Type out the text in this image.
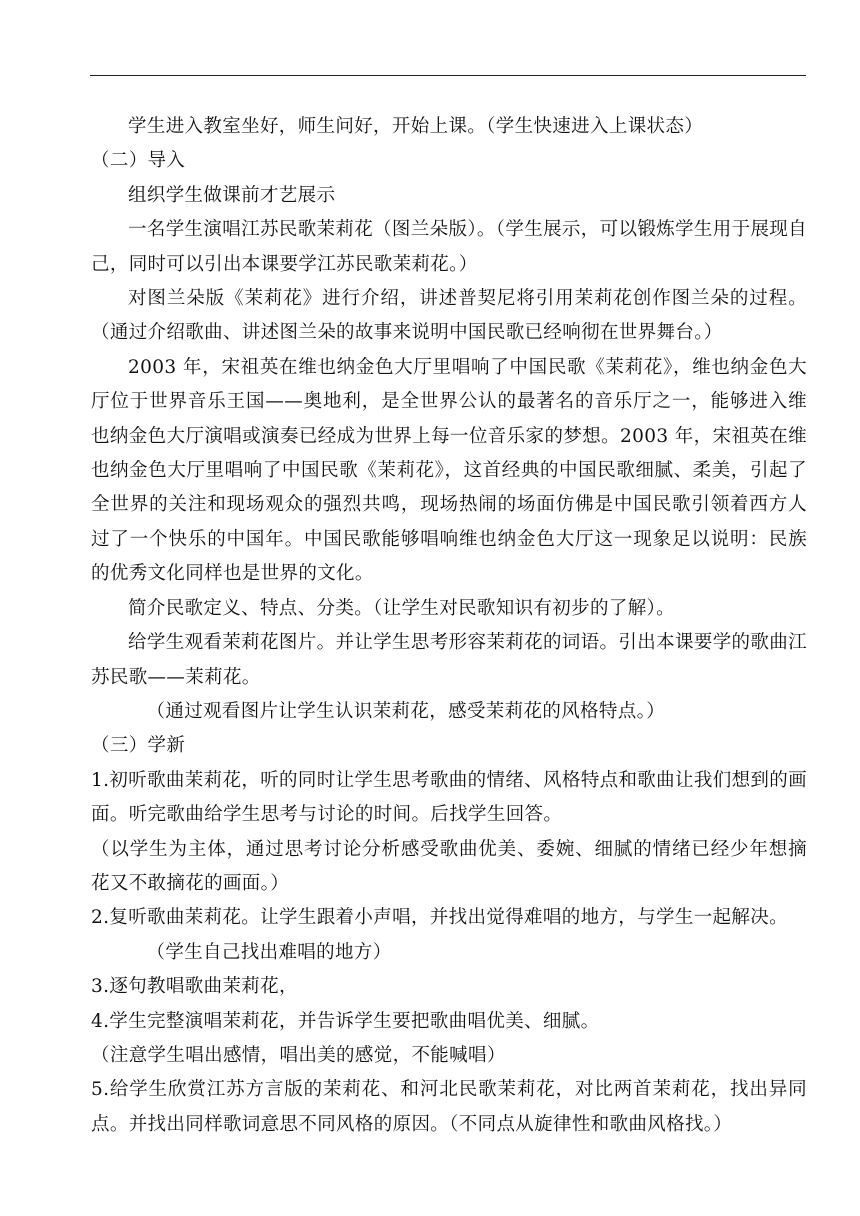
学生进入教室坐好，师生问好，开始上课。（学生快速进入上课状态）

（二）导入

组织学生做课前才艺展示

一名学生演唱江苏民歌茉莉花（图兰朵版）。（学生展示，可以锻炼学生用于展现自己，同时可以引出本课要学江苏民歌茉莉花。）

对图兰朵版《茉莉花》进行介绍，讲述普契尼将引用茉莉花创作图兰朵的过程。（通过介绍歌曲、讲述图兰朵的故事来说明中国民歌已经响彻在世界舞台。）

2003 年，宋祖英在维也纳金色大厅里唱响了中国民歌《茉莉花》，维也纳金色大厅位于世界音乐王国——奥地利，是全世界公认的最著名的音乐厅之一，能够进入维也纳金色大厅演唱或演奏已经成为世界上每一位音乐家的梦想。2003 年，宋祖英在维也纳金色大厅里唱响了中国民歌《茉莉花》，这首经典的中国民歌细腻、柔美，引起了全世界的关注和现场观众的强烈共鸣，现场热闹的场面仿佛是中国民歌引领着西方人过了一个快乐的中国年。中国民歌能够唱响维也纳金色大厅这一现象足以说明：民族的优秀文化同样也是世界的文化。

简介民歌定义、特点、分类。（让学生对民歌知识有初步的了解）。

给学生观看茉莉花图片。并让学生思考形容茉莉花的词语。引出本课要学的歌曲江苏民歌——茉莉花。

（通过观看图片让学生认识茉莉花，感受茉莉花的风格特点。）

（三）学新

1.初听歌曲茉莉花，听的同时让学生思考歌曲的情绪、风格特点和歌曲让我们想到的画面。听完歌曲给学生思考与讨论的时间。后找学生回答。

（以学生为主体，通过思考讨论分析感受歌曲优美、委婉、细腻的情绪已经少年想摘花又不敢摘花的画面。）

2.复听歌曲茉莉花。让学生跟着小声唱，并找出觉得难唱的地方，与学生一起解决。

（学生自己找出难唱的地方）

3.逐句教唱歌曲茉莉花，

4.学生完整演唱茉莉花，并告诉学生要把歌曲唱优美、细腻。

（注意学生唱出感情，唱出美的感觉，不能喊唱）

5.给学生欣赏江苏方言版的茉莉花、和河北民歌茉莉花，对比两首茉莉花，找出异同点。并找出同样歌词意思不同风格的原因。（不同点从旋律性和歌曲风格找。）
